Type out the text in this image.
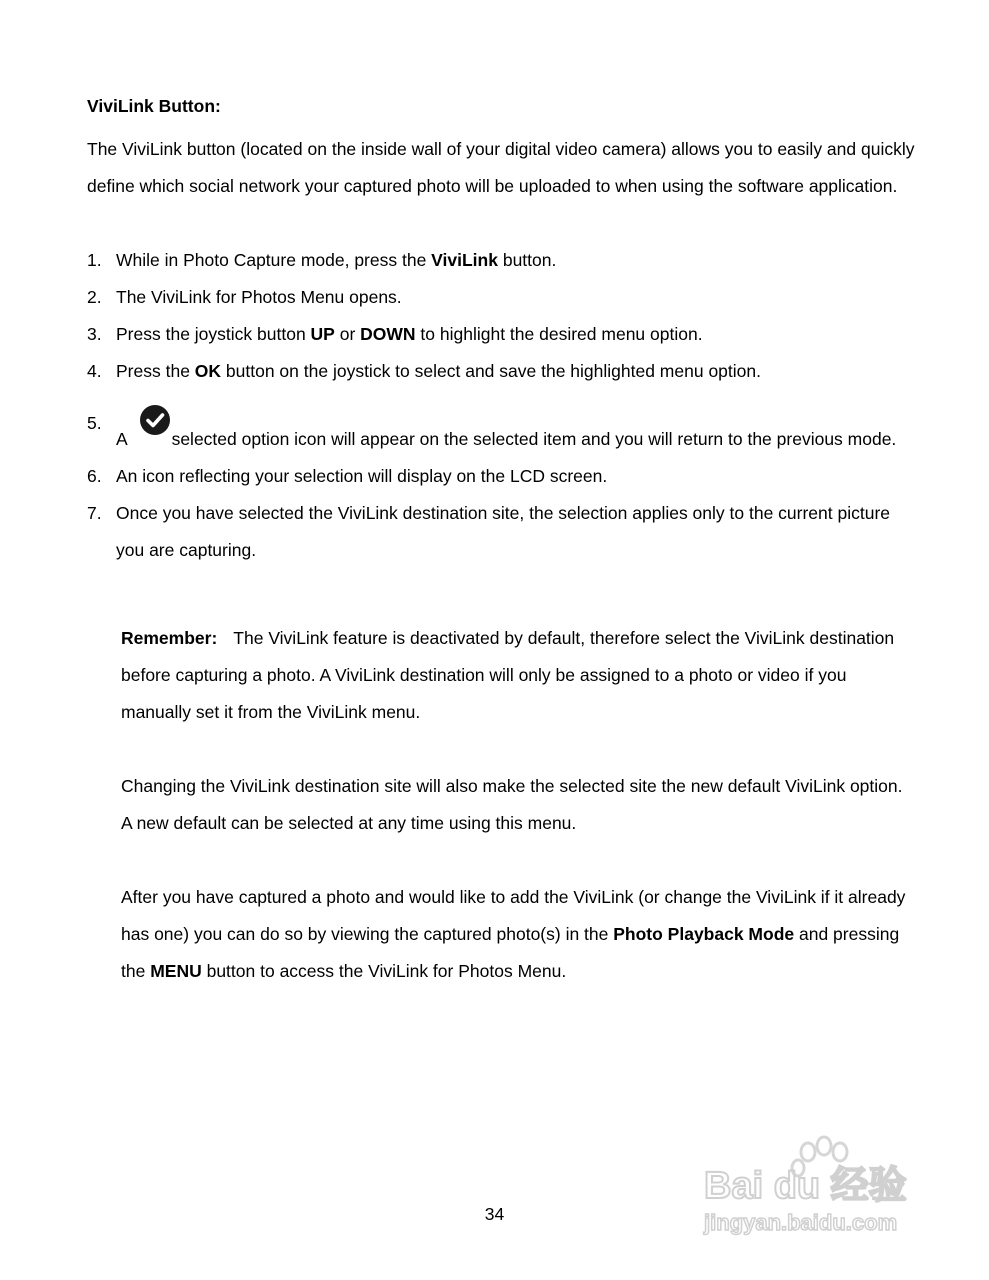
ViviLink Button:
The ViviLink button (located on the inside wall of your digital video camera) allows you to easily and quickly define which social network your captured photo will be uploaded to when using the software application.
1. While in Photo Capture mode, press the ViviLink button.
2. The ViviLink for Photos Menu opens.
3. Press the joystick button UP or DOWN to highlight the desired menu option.
4. Press the OK button on the joystick to select and save the highlighted menu option.
5.
A selected option icon will appear on the selected item and you will return to the previous mode.
6. An icon reflecting your selection will display on the LCD screen.
7. Once you have selected the ViviLink destination site, the selection applies only to the current picture you are capturing.
Remember: The ViviLink feature is deactivated by default, therefore select the ViviLink destination before capturing a photo. A ViviLink destination will only be assigned to a photo or video if you manually set it from the ViviLink menu.
Changing the ViviLink destination site will also make the selected site the new default ViviLink option. A new default can be selected at any time using this menu.
After you have captured a photo and would like to add the ViviLink (or change the ViviLink if it already has one) you can do so by viewing the captured photo(s) in the Photo Playback Mode and pressing the MENU button to access the ViviLink for Photos Menu.
34
Bai du 经验
jingyan.baidu.com
